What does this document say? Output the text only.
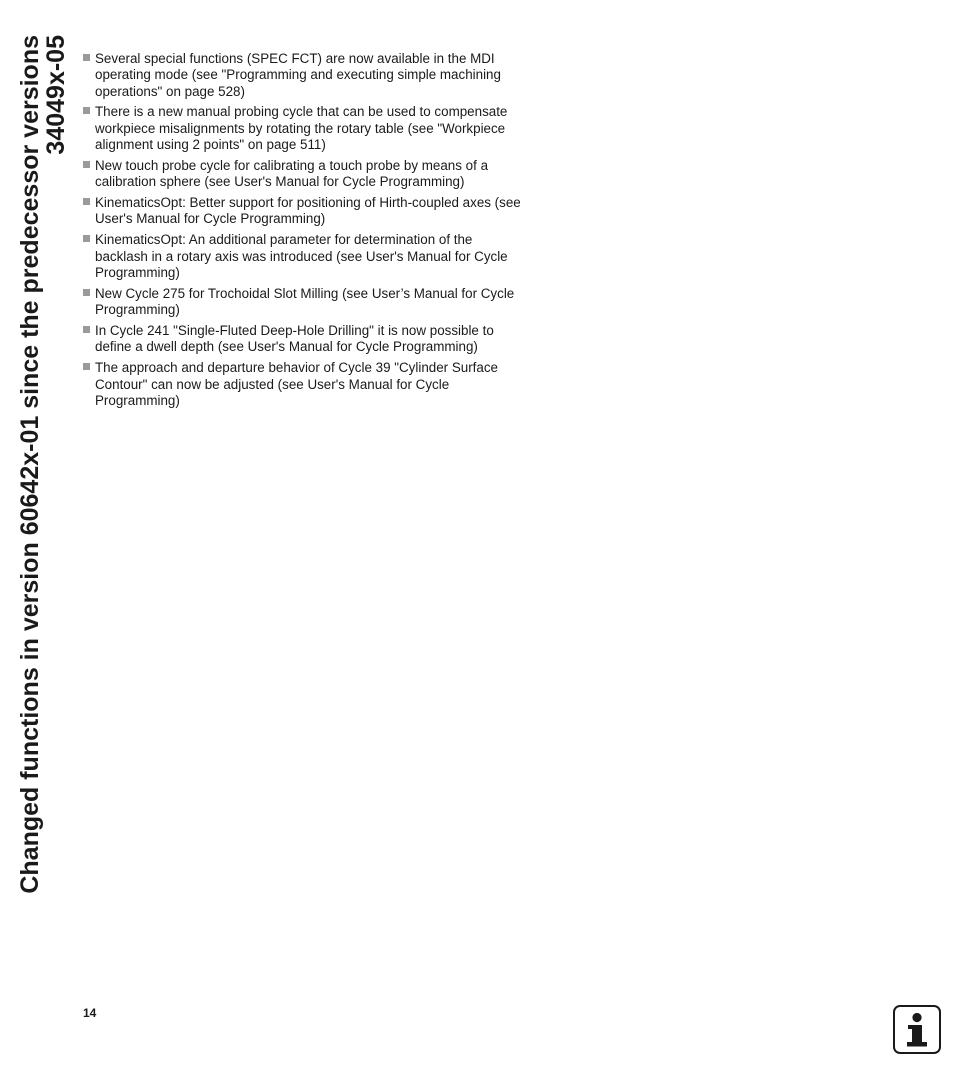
Changed functions in version 60642x-01 since the predecessor versions
34049x-05	Several special functions (SPEC FCT) are now available in the MDI operating mode (see "Programming and executing simple machining operations" on page 528)
There is a new manual probing cycle that can be used to compensate workpiece misalignments by rotating the rotary table (see "Workpiece alignment using 2 points" on page 511)
New touch probe cycle for calibrating a touch probe by means of a calibration sphere (see User's Manual for Cycle Programming)
KinematicsOpt: Better support for positioning of Hirth-coupled axes (see User's Manual for Cycle Programming)
KinematicsOpt: An additional parameter for determination of the backlash in a rotary axis was introduced (see User's Manual for Cycle Programming)
New Cycle 275 for Trochoidal Slot Milling (see User’s Manual for Cycle Programming)
In Cycle 241 "Single-Fluted Deep-Hole Drilling" it is now possible to define a dwell depth (see User's Manual for Cycle Programming)
The approach and departure behavior of Cycle 39 "Cylinder Surface Contour" can now be adjusted (see User's Manual for Cycle Programming)
14
